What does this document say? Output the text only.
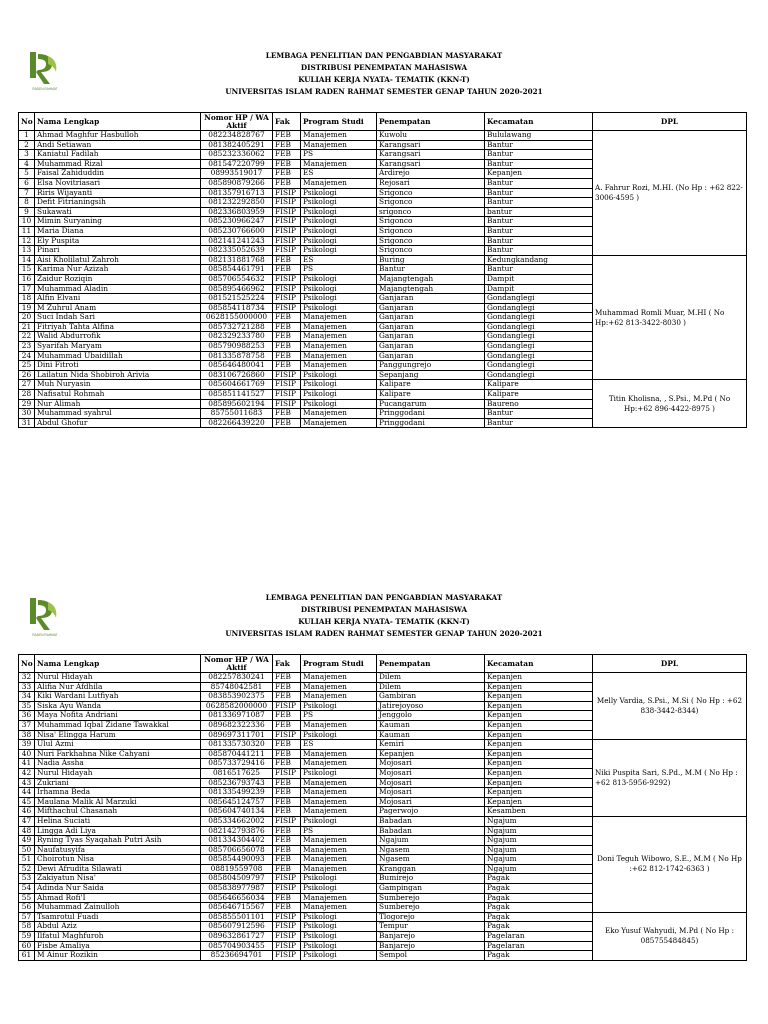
RADEN RAHMAT
LEMBAGA PENELITIAN DAN PENGABDIAN MASYARAKAT
DISTRIBUSI PENEMPATAN MAHASISWA
KULIAH KERJA NYATA- TEMATIK (KKN-T)
UNIVERSITAS ISLAM RADEN RAHMAT SEMESTER GENAP TAHUN 2020-2021
No	Nama Lengkap	Nomor HP / WA Aktif	Fak	Program Studi	Penempatan	Kecamatan	DPL
1	Ahmad Maghfur Hasbulloh	082234828767	FEB	Manajemen	Kuwolu	Bululawang	A. Fahrur Rozi, M.HI. (No Hp : +62 822-3006-4595 )
2	Andi Setiawan	081382405291	FEB	Manajemen	Karangsari	Bantur	
3	Kaniatul Fadilah	085232336062	FEB	PS	Karangsari	Bantur	
4	Muhammad Rizal	081547220799	FEB	Manajemen	Karangsari	Bantur	
5	Faisal Zahiduddin	08993519017	FEB	ES	Ardirejo	Kepanjen	
6	Elsa Novitriasari	085890879266	FEB	Manajemen	Rejosari	Bantur	
7	Riris Wijayanti	081357916713	FISIP	Psikologi	Srigonco	Bantur	
8	Defit Fitrianingsih	081232292850	FISIP	Psikologi	Srigonco	Bantur	
9	Sukawati	082336803959	FISIP	Psikologi	srigonco	bantur	
10	Mimin Suryaning	085230966247	FISIP	Psikologi	Srigonco	Bantur	
11	Maria Diana	085230766600	FISIP	Psikologi	Srigonco	Bantur	
12	Ely Puspita	082141241243	FISIP	Psikologi	Srigonco	Bantur	
13	Pinari	082335052639	FISIP	Psikologi	Srigonco	Bantur	
14	Aisi Kholilatul Zahroh	082131881768	FEB	ES	Buring	Kedungkandang	Muhammad Romli Muar, M.HI ( No Hp:+62 813-3422-8030 )
15	Karima Nur Azizah	085854461791	FEB	PS	Bantur	Bantur	
16	Zaidur Roziqin	085706554632	FISIP	Psikologi	Majangtengah	Dampit	
17	Muhammad Aladin	085895466962	FISIP	Psikologi	Majangtengah	Dampit	
18	Alfin Elvani	081521525224	FISIP	Psikologi	Ganjaran	Gondanglegi	
19	M Zuhrul Anam	085854118734	FISIP	Psikologi	Ganjaran	Gondanglegi	
20	Suci Indah Sari	0628155000000	FEB	Manajemen	Ganjaran	Gondanglegi	
21	Fitriyah Tahta Alfina	085732721288	FEB	Manajemen	Ganjaran	Gondanglegi	
22	Walid Abdurrofik	082329233780	FEB	Manajemen	Ganjaran	Gondanglegi	
23	Syarifah Maryam	085790988253	FEB	Manajemen	Ganjaran	Gondanglegi	
24	Muhammad Ubaidillah	081335878758	FEB	Manajemen	Ganjaran	Gondanglegi	
25	Dini Fitroti	085646480041	FEB	Manajemen	Panggungrejo	Gondanglegi	
26	Lailatun Nida Shobiroh Arivia	083106726860	FISIP	Psikologi	Sepanjang	Gondanglegi	
27	Muh Nuryasin	085604661769	FISIP	Psikologi	Kalipare	Kalipare	Titin Kholisna, , S.Psi., M.Pd ( No Hp:+62 896-4422-8975 )
28	Nafisatul Rohmah	085851141527	FISIP	Psikologi	Kalipare	Kalipare	
29	Nur Alimah	085895602194	FISIP	Psikologi	Pucangarum	Baureno	
30	Muhammad syahrul	85755011683	FEB	Manajemen	Pringgodani	Bantur	
31	Abdul Ghofur	082266439220	FEB	Manajemen	Pringgodani	Bantur	
RADEN RAHMAT
LEMBAGA PENELITIAN DAN PENGABDIAN MASYARAKAT
DISTRIBUSI PENEMPATAN MAHASISWA
KULIAH KERJA NYATA- TEMATIK (KKN-T)
UNIVERSITAS ISLAM RADEN RAHMAT SEMESTER GENAP TAHUN 2020-2021
No	Nama Lengkap	Nomor HP / WA Aktif	Fak	Program Studi	Penempatan	Kecamatan	DPL
32	Nurul Hidayah	082257830241	FEB	Manajemen	Dilem	Kepanjen	Melly Vardia, S.Psi., M.Si ( No Hp : +62 838-3442-8344)
33	Alifia Nur Afdhila	85748042581	FEB	Manajemen	Dilem	Kepanjen	
34	Kiki Wardani Lutfiyah	083853902375	FEB	Manajemen	Gambiran	Kepanjen	
35	Siska Ayu Wanda	0628582000000	FISIP	Psikologi	Jatirejoyoso	Kepanjen	
36	Maya Nofita Andriani	081336971087	FEB	PS	Jenggolo	Kepanjen	
37	Muhammad Iqbal Zidane Tawakkal	089682322336	FEB	Manajemen	Kauman	Kepanjen	
38	Nisa' Elingga Harum	089697311701	FISIP	Psikologi	Kauman	Kepanjen	
39	Ulul Azmi	081335730320	FEB	ES	Kemiri	Kepanjen	Niki Puspita Sari, S.Pd., M.M ( No Hp : +62 813-5956-9292)
40	Nuri Farkhahna Nike Cahyani	085870441211	FEB	Manajemen	Kepanjen	Kepanjen	
41	Nadia Assha	085733729416	FEB	Manajemen	Mojosari	Kepanjen	
42	Nurul Hidayah	0816517625	FISIP	Psikologi	Mojosari	Kepanjen	
43	Zukriani	085236793743	FEB	Manajemen	Mojosari	Kepanjen	
44	Irhamna Beda	081335499239	FEB	Manajemen	Mojosari	Kepanjen	
45	Maulana Malik Al Marzuki	085645124757	FEB	Manajemen	Mojosari	Kepanjen	
46	Mifthachul Chasanah	085604740134	FEB	Manajemen	Pagerwojo	Kesamben	
47	Helina Suciati	085334662002	FISIP	Psikologi	Babadan	Ngajum	Doni Teguh Wibowo, S.E., M.M ( No Hp :+62 812-1742-6363 )
48	Lingga Adi Liya	082142793876	FEB	PS	Babadan	Ngajum	
49	Ryning Tyas Syaqahah Putri Asih	081334304402	FEB	Manajemen	Ngajum	Ngajum	
50	Naufatusyifa	085706656078	FEB	Manajemen	Ngasem	Ngajum	
51	Choirotun Nisa	085854490093	FEB	Manajemen	Ngasem	Ngajum	
52	Dewi Afrudita Silawati	08819559708	FEB	Manajemen	Kranggan	Ngajum	
53	Zakiyatun Nisa'	085804509797	FISIP	Psikologi	Bumirejo	Pagak	
54	Adinda Nur Saida	085838977987	FISIP	Psikologi	Gampingan	Pagak	
55	Ahmad Rofi'I	085646656034	FEB	Manajemen	Sumberejo	Pagak	
56	Muhammad Zainulloh	085646715567	FEB	Manajemen	Sumberejo	Pagak	
57	Tsamrotul Fuadi	085855501101	FISIP	Psikologi	Tlogorejo	Pagak	Eko Yusuf Wahyudi, M.Pd ( No Hp : 085755484845)
58	Abdul Aziz	085607912596	FISIP	Psikologi	Tempur	Pagak	
59	Ilfatul Maghfuroh	089632861727	FISIP	Psikologi	Banjarejo	Pagelaran	
60	Fisbe Amaliya	085704903455	FISIP	Psikologi	Banjarejo	Pagelaran	
61	M Ainur Rozikin	85236694701	FISIP	Psikologi	Sempol	Pagak	
